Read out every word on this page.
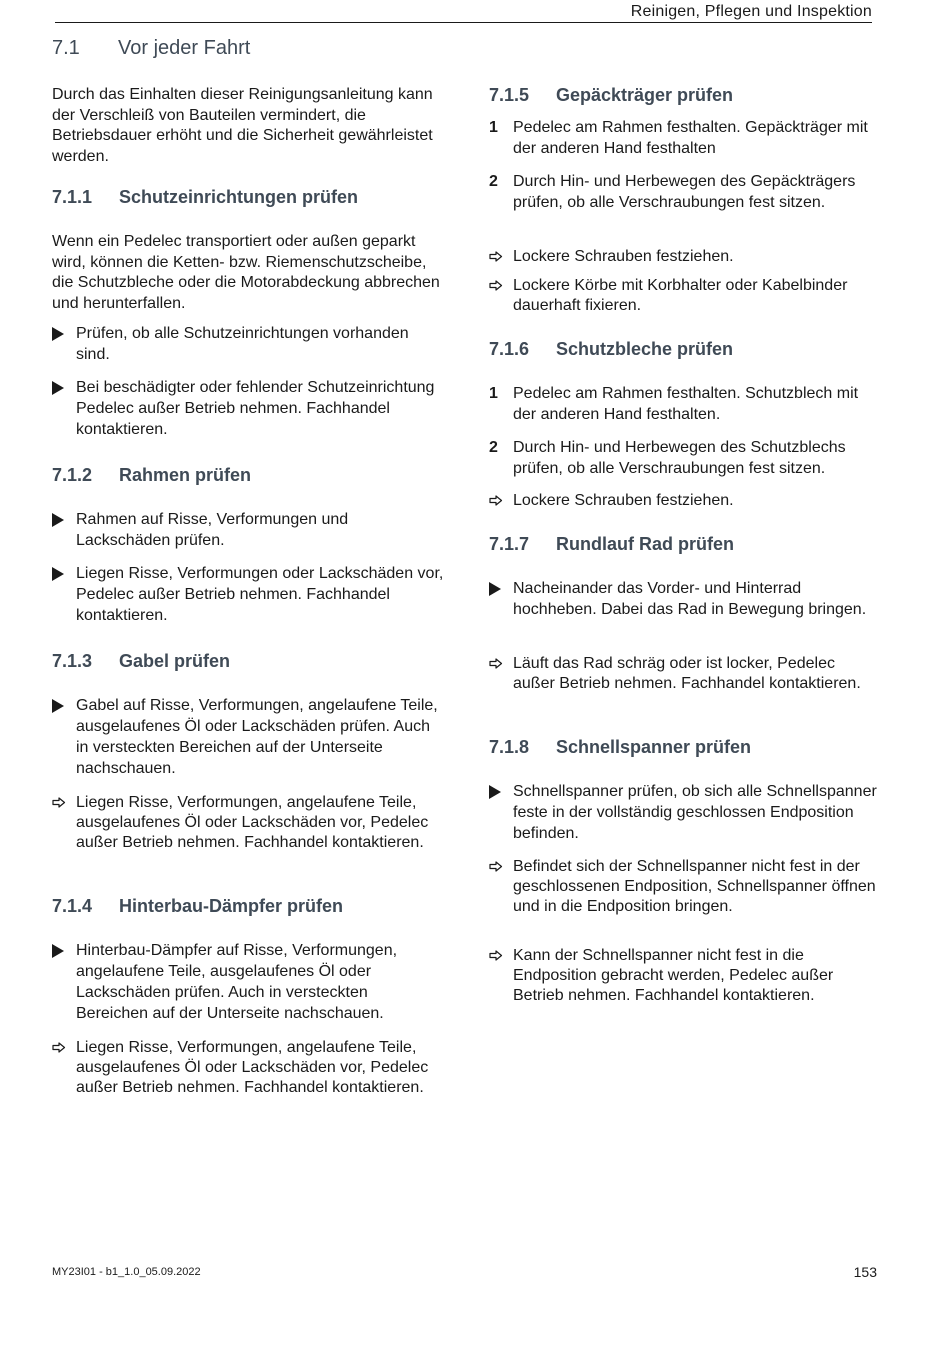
Reinigen, Pflegen und Inspektion
7.1 Vor jeder Fahrt

Durch das Einhalten dieser Reinigungsanleitung kann der Verschleiß von Bauteilen vermindert, die Betriebsdauer erhöht und die Sicherheit gewährleistet werden.

7.1.1 Schutzeinrichtungen prüfen

Wenn ein Pedelec transportiert oder außen geparkt wird, können die Ketten- bzw. Riemenschutzscheibe, die Schutzbleche oder die Motorabdeckung abbrechen und herunterfallen.

Prüfen, ob alle Schutzeinrichtungen vorhanden sind.
Bei beschädigter oder fehlender Schutzeinrichtung Pedelec außer Betrieb nehmen. Fachhandel kontaktieren.
7.1.2 Rahmen prüfen
Rahmen auf Risse, Verformungen und Lackschäden prüfen.
Liegen Risse, Verformungen oder Lackschäden vor, Pedelec außer Betrieb nehmen. Fachhandel kontaktieren.
7.1.3 Gabel prüfen
Gabel auf Risse, Verformungen, angelaufene Teile, ausgelaufenes Öl oder Lackschäden prüfen. Auch in versteckten Bereichen auf der Unterseite nachschauen.
Liegen Risse, Verformungen, angelaufene Teile, ausgelaufenes Öl oder Lackschäden vor, Pedelec außer Betrieb nehmen. Fachhandel kontaktieren.
7.1.4 Hinterbau-Dämpfer prüfen
Hinterbau-Dämpfer auf Risse, Verformungen, angelaufene Teile, ausgelaufenes Öl oder Lackschäden prüfen. Auch in versteckten Bereichen auf der Unterseite nachschauen.
Liegen Risse, Verformungen, angelaufene Teile, ausgelaufenes Öl oder Lackschäden vor, Pedelec außer Betrieb nehmen. Fachhandel kontaktieren.
7.1.5 Gepäckträger prüfen
1 Pedelec am Rahmen festhalten. Gepäckträger mit der anderen Hand festhalten
2 Durch Hin- und Herbewegen des Gepäckträgers prüfen, ob alle Verschraubungen fest sitzen.
Lockere Schrauben festziehen.
Lockere Körbe mit Korbhalter oder Kabelbinder dauerhaft fixieren.
7.1.6 Schutzbleche prüfen
1 Pedelec am Rahmen festhalten. Schutzblech mit der anderen Hand festhalten.
2 Durch Hin- und Herbewegen des Schutzblechs prüfen, ob alle Verschraubungen fest sitzen.
Lockere Schrauben festziehen.
7.1.7 Rundlauf Rad prüfen
Nacheinander das Vorder- und Hinterrad hochheben. Dabei das Rad in Bewegung bringen.
Läuft das Rad schräg oder ist locker, Pedelec außer Betrieb nehmen. Fachhandel kontaktieren.
7.1.8 Schnellspanner prüfen
Schnellspanner prüfen, ob sich alle Schnellspanner feste in der vollständig geschlossen Endposition befinden.
Befindet sich der Schnellspanner nicht fest in der geschlossenen Endposition, Schnellspanner öffnen und in die Endposition bringen.
Kann der Schnellspanner nicht fest in die Endposition gebracht werden, Pedelec außer Betrieb nehmen. Fachhandel kontaktieren.
MY23I01 - b1_1.0_05.09.2022	153
